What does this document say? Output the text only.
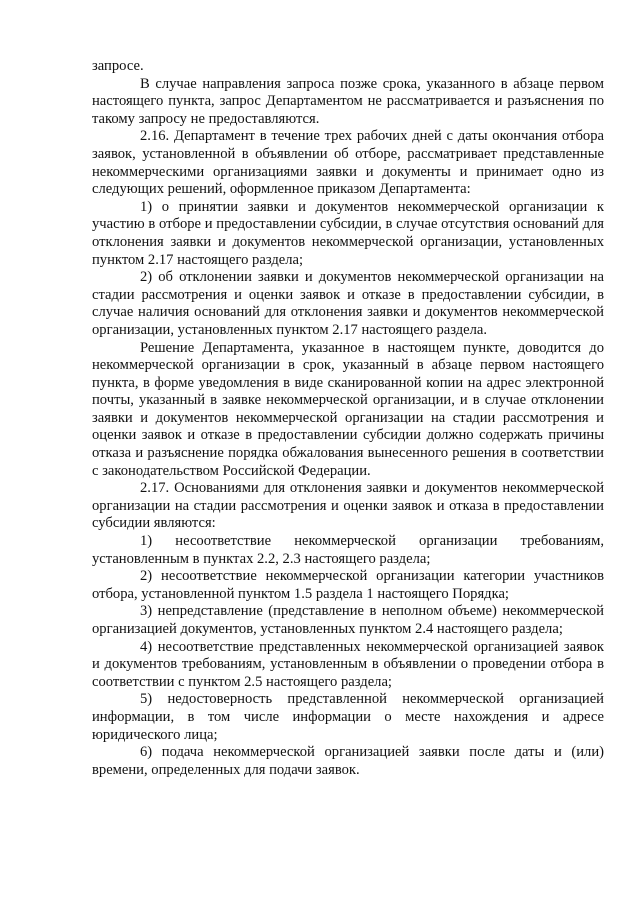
запросе.

В случае направления запроса позже срока, указанного в абзаце первом настоящего пункта, запрос Департаментом не рассматривается и разъяснения по такому запросу не предоставляются.

2.16. Департамент в течение трех рабочих дней с даты окончания отбора заявок, установленной в объявлении об отборе, рассматривает представленные некоммерческими организациями заявки и документы и принимает одно из следующих решений, оформленное приказом Департамента:

1) о принятии заявки и документов некоммерческой организации к участию в отборе и предоставлении субсидии, в случае отсутствия оснований для отклонения заявки и документов некоммерческой организации, установленных пунктом 2.17 настоящего раздела;

2) об отклонении заявки и документов некоммерческой организации на стадии рассмотрения и оценки заявок и отказе в предоставлении субсидии, в случае наличия оснований для отклонения заявки и документов некоммерческой организации, установленных пунктом 2.17 настоящего раздела.

Решение Департамента, указанное в настоящем пункте, доводится до некоммерческой организации в срок, указанный в абзаце первом настоящего пункта, в форме уведомления в виде сканированной копии на адрес электронной почты, указанный в заявке некоммерческой организации, и в случае отклонении заявки и документов некоммерческой организации на стадии рассмотрения и оценки заявок и отказе в предоставлении субсидии должно содержать причины отказа и разъяснение порядка обжалования вынесенного решения в соответствии с законодательством Российской Федерации.

2.17. Основаниями для отклонения заявки и документов некоммерческой организации на стадии рассмотрения и оценки заявок и отказа в предоставлении субсидии являются:

1) несоответствие некоммерческой организации требованиям, установленным в пунктах 2.2, 2.3 настоящего раздела;

2) несоответствие некоммерческой организации категории участников отбора, установленной пунктом 1.5 раздела 1 настоящего Порядка;

3) непредставление (представление в неполном объеме) некоммерческой организацией документов, установленных пунктом 2.4 настоящего раздела;

4) несоответствие представленных некоммерческой организацией заявок и документов требованиям, установленным в объявлении о проведении отбора в соответствии с пунктом 2.5 настоящего раздела;

5) недостоверность представленной некоммерческой организацией информации, в том числе информации о месте нахождения и адресе юридического лица;

6) подача некоммерческой организацией заявки после даты и (или) времени, определенных для подачи заявок.
